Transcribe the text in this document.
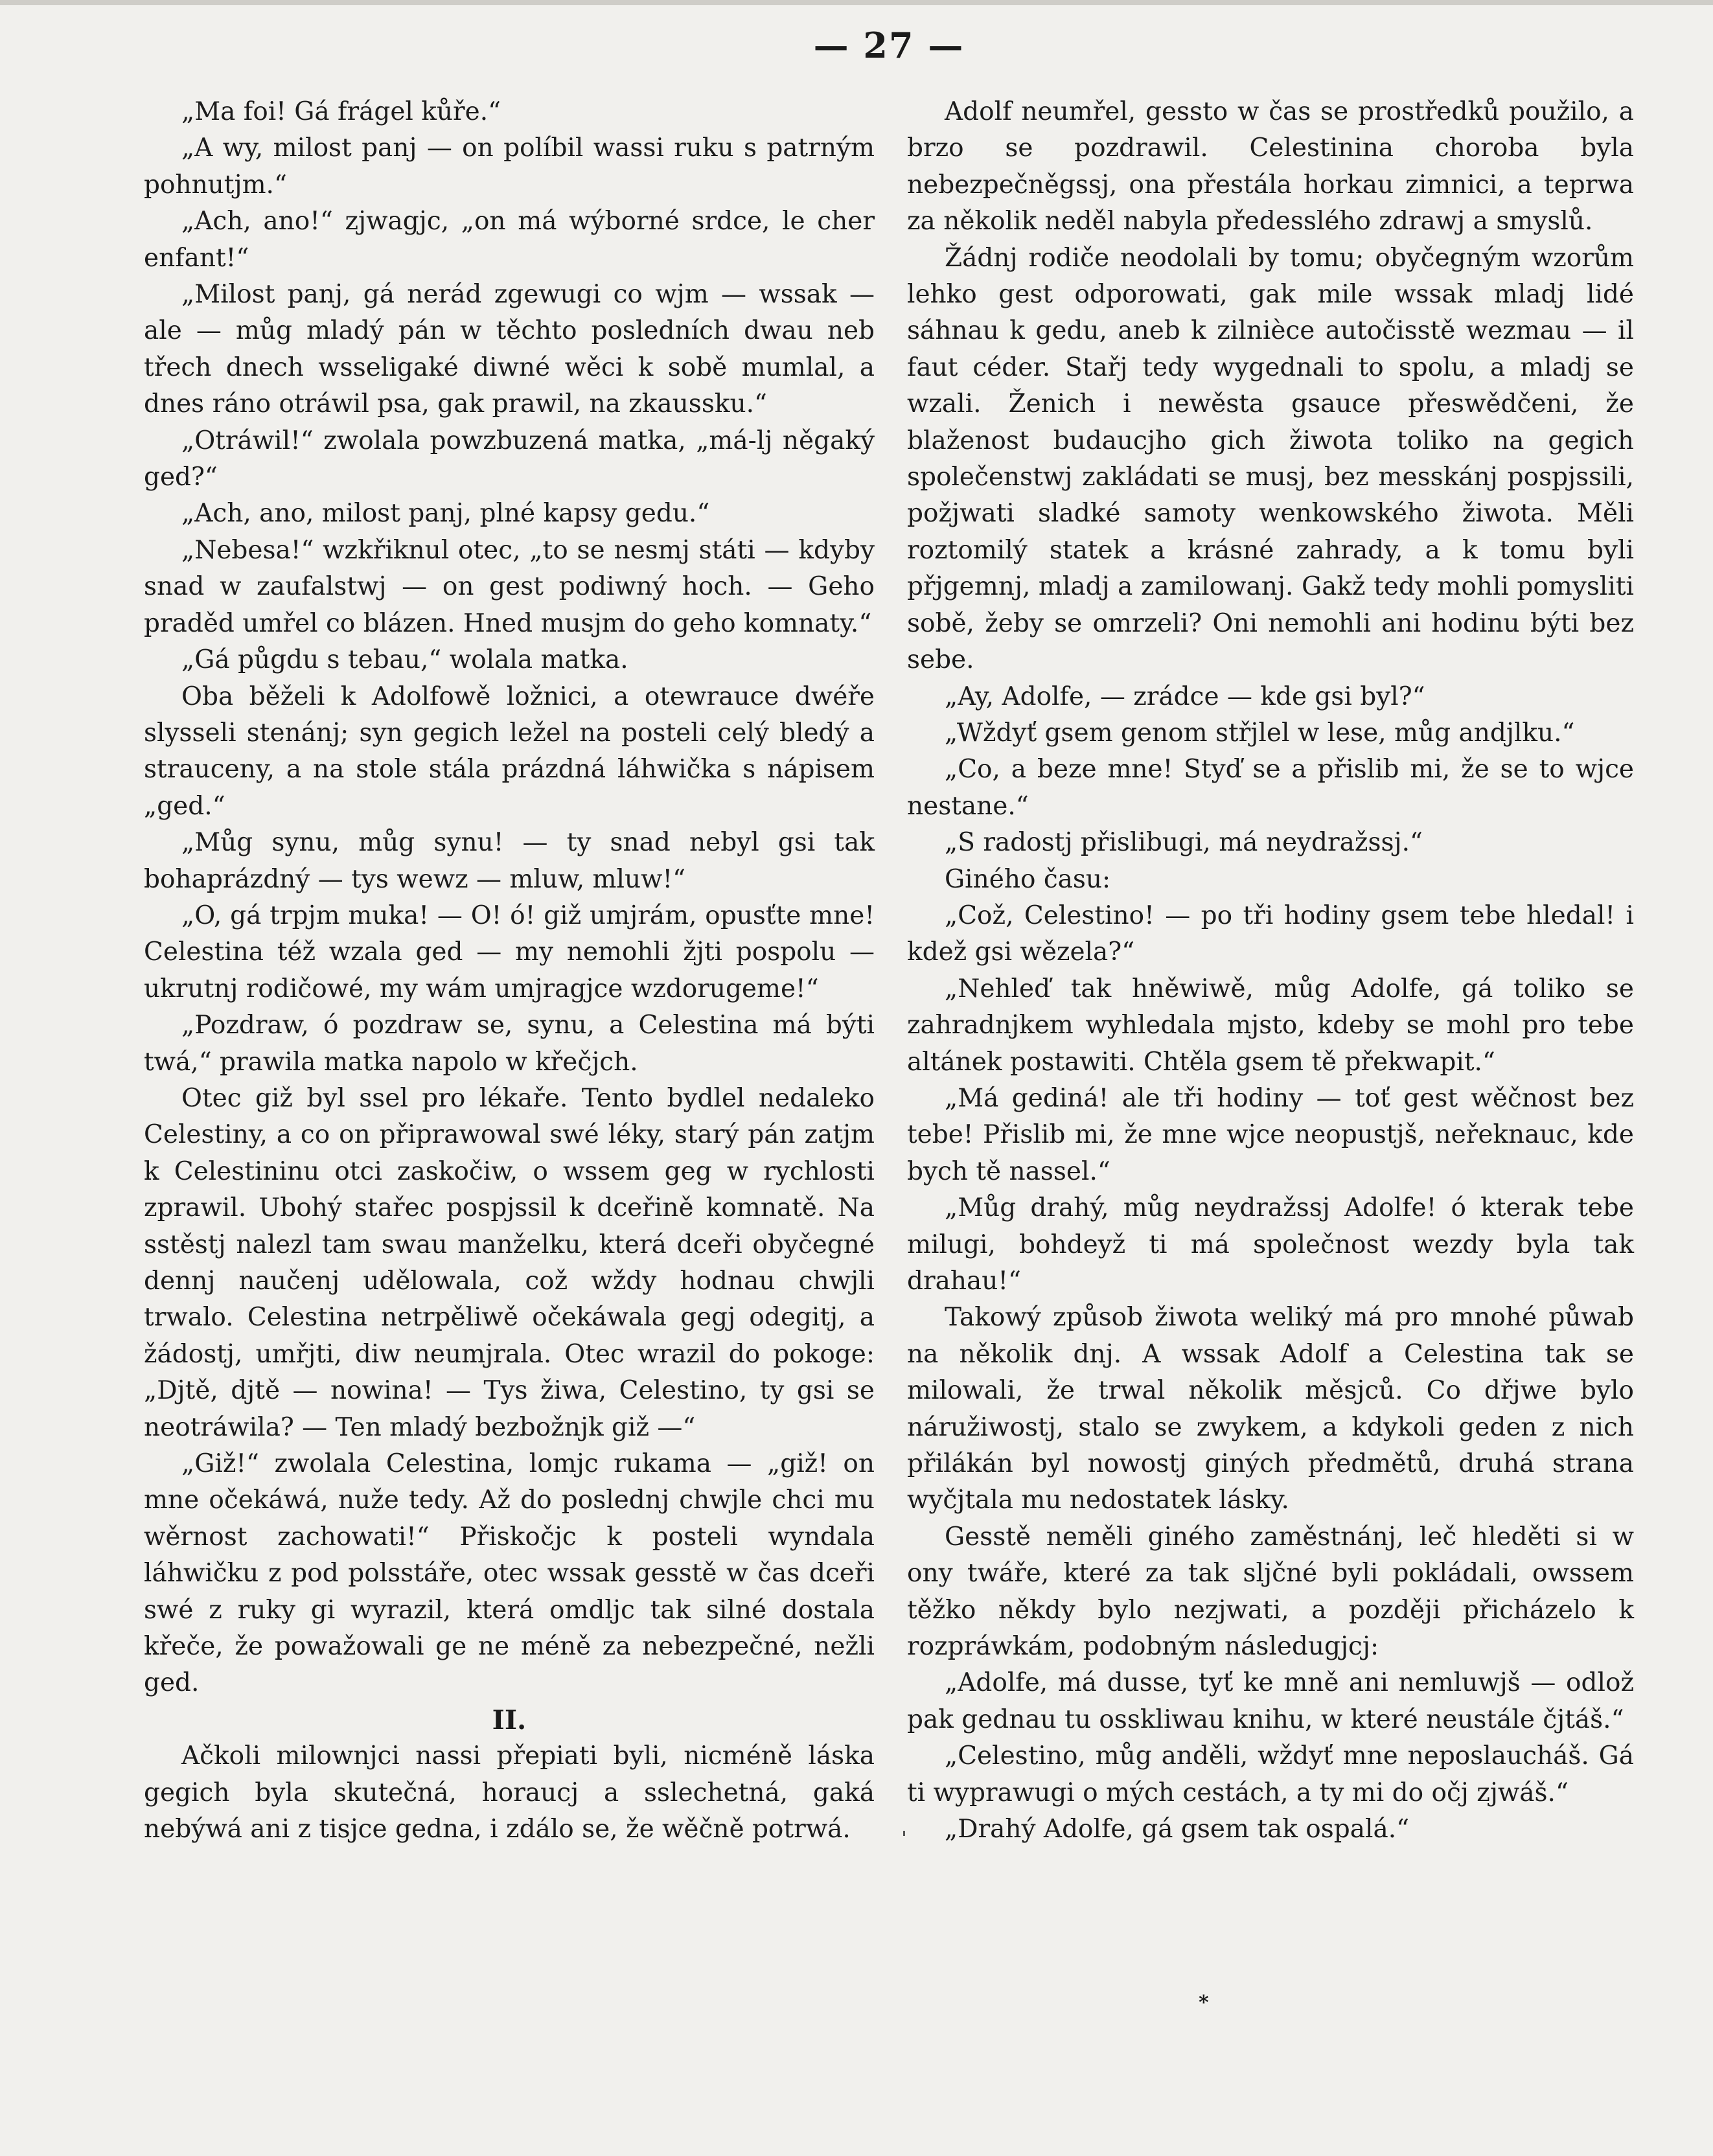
— 27 —

„Ma foi! Gá frágel kůře.“

„A wy, milost panj — on políbil wassi ruku s patrným pohnutjm.“

„Ach, ano!“ zjwagjc, „on má wýborné srdce, le cher enfant!“

„Milost panj, gá nerád zgewugi co wjm — wssak — ale — můg mladý pán w těchto posledních dwau neb třech dnech wsseligaké diwné wěci k sobě mumlal, a dnes ráno otráwil psa, gak prawil, na zkaussku.“

„Otráwil!“ zwolala powzbuzená matka, „má-lj něgaký ged?“

„Ach, ano, milost panj, plné kapsy gedu.“

„Nebesa!“ wzkřiknul otec, „to se nesmj státi — kdyby snad w zaufalstwj — on gest podiwný hoch. — Geho praděd umřel co blázen. Hned musjm do geho komnaty.“

„Gá půgdu s tebau,“ wolala matka.

Oba běželi k Adolfowě ložnici, a otewrauce dwéře slysseli stenánj; syn gegich ležel na posteli celý bledý a strauceny, a na stole stála prázdná láhwička s nápisem „ged.“

„Můg synu, můg synu! — ty snad nebyl gsi tak bohaprázdný — tys wewz — mluw, mluw!“

„O, gá trpjm muka! — O! ó! giž umjrám, opusťte mne! Celestina též wzala ged — my nemohli žjti pospolu — ukrutnj rodičowé, my wám umjragjce wzdorugeme!“

„Pozdraw, ó pozdraw se, synu, a Celestina má býti twá,“ prawila matka napolo w křečjch.

Otec giž byl ssel pro lékaře. Tento bydlel nedaleko Celestiny, a co on připrawowal swé léky, starý pán zatjm k Celestininu otci zaskočiw, o wssem geg w rychlosti zprawil. Ubohý stařec pospjssil k dceřině komnatě. Na sstěstj nalezl tam swau manželku, která dceři obyčegné dennj naučenj udělowala, což wždy hodnau chwjli trwalo. Celestina netrpěliwě očekáwala gegj odegitj, a žádostj, umřjti, diw neumjrala. Otec wrazil do pokoge: „Djtě, djtě — nowina! — Tys žiwa, Celestino, ty gsi se neotráwila? — Ten mladý bezbožnjk giž —“

„Giž!“ zwolala Celestina, lomjc rukama — „giž! on mne očekáwá, nuže tedy. Až do poslednj chwjle chci mu wěrnost zachowati!“ Přiskočjc k posteli wyndala láhwičku z pod polsstáře, otec wssak gesstě w čas dceři swé z ruky gi wyrazil, která omdljc tak silné dostala křeče, že powažowali ge ne méně za nebezpečné, nežli ged.

II.

Ačkoli milownjci nassi přepiati byli, nicméně láska gegich byla skutečná, horaucj a sslechetná, gaká nebýwá ani z tisjce gedna, i zdálo se, že wěčně potrwá.

Adolf neumřel, gessto w čas se prostředků použilo, a brzo se pozdrawil. Celestinina choroba byla nebezpečněgssj, ona přestála horkau zimnici, a teprwa za několik neděl nabyla předesslého zdrawj a smyslů.

Žádnj rodiče neodolali by tomu; obyčegným wzorům lehko gest odporowati, gak mile wssak mladj lidé sáhnau k gedu, aneb k zilnièce autočisstě wezmau — il faut céder. Stařj tedy wygednali to spolu, a mladj se wzali. Ženich i newěsta gsauce přeswědčeni, že blaženost budaucjho gich žiwota tolikо na gegich společenstwj zakládati se musj, bez messkánj pospjssili, požjwati sladké samoty wenkowského žiwota. Měli roztomilý statek a krásné zahrady, a k tomu byli přjgemnj, mladj a zamilowanj. Gakž tedy mohli pomysliti sobě, žeby se omrzeli? Oni nemohli ani hodinu býti bez sebe.

„Ay, Adolfe, — zrádce — kde gsi byl?“

„Wždyť gsem genom střjlel w lese, můg andjlku.“

„Co, a beze mne! Styď se a přislib mi, že se to wjce nestane.“

„S radostj přislibugi, má neydražssj.“

Giného času:

„Což, Celestino! — po tři hodiny gsem tebe hledal! i kdež gsi wězela?“

„Nehleď tak hněwiwě, můg Adolfe, gá tolikо se zahradnjkem wyhledala mjsto, kdeby se mohl pro tebe altánek postawiti. Chtěla gsem tě překwapit.“

„Má gediná! ale tři hodiny — toť gest wěčnost bez tebe! Přislib mi, že mne wjce neopustjš, neřeknauc, kde bych tě nassel.“

„Můg drahý, můg neydražssj Adolfe! ó kterak tebe milugi, bohdeyž ti má společnost wezdy byla tak drahau!“

Takowý způsob žiwota weliký má pro mnohé půwab na několik dnj. A wssak Adolf a Celestina tak se milowali, že trwal několik měsjců. Co dřjwe bylo náružiwostj, stalo se zwykem, a kdykoli geden z nich přilákán byl nowostj giných předmětů, druhá strana wyčjtala mu nedostatek lásky.

Gesstě neměli giného zaměstnánj, leč hleděti si w ony twáře, které za tak sljčné byli pokládali, owssem těžko někdy bylo nezjwati, a později přicházelo k rozpráwkám, podobným následugjcj:

„Adolfe, má dusse, tyť ke mně ani nemluwjš — odlož pak gednau tu osskliwau knihu, w které neustále čjtáš.“

„Celestino, můg anděli, wždyť mne neposlaucháš. Gá ti wyprawugi o mých cestách, a ty mi do očj zjwáš.“

„Drahý Adolfe, gá gsem tak ospalá.“

*
